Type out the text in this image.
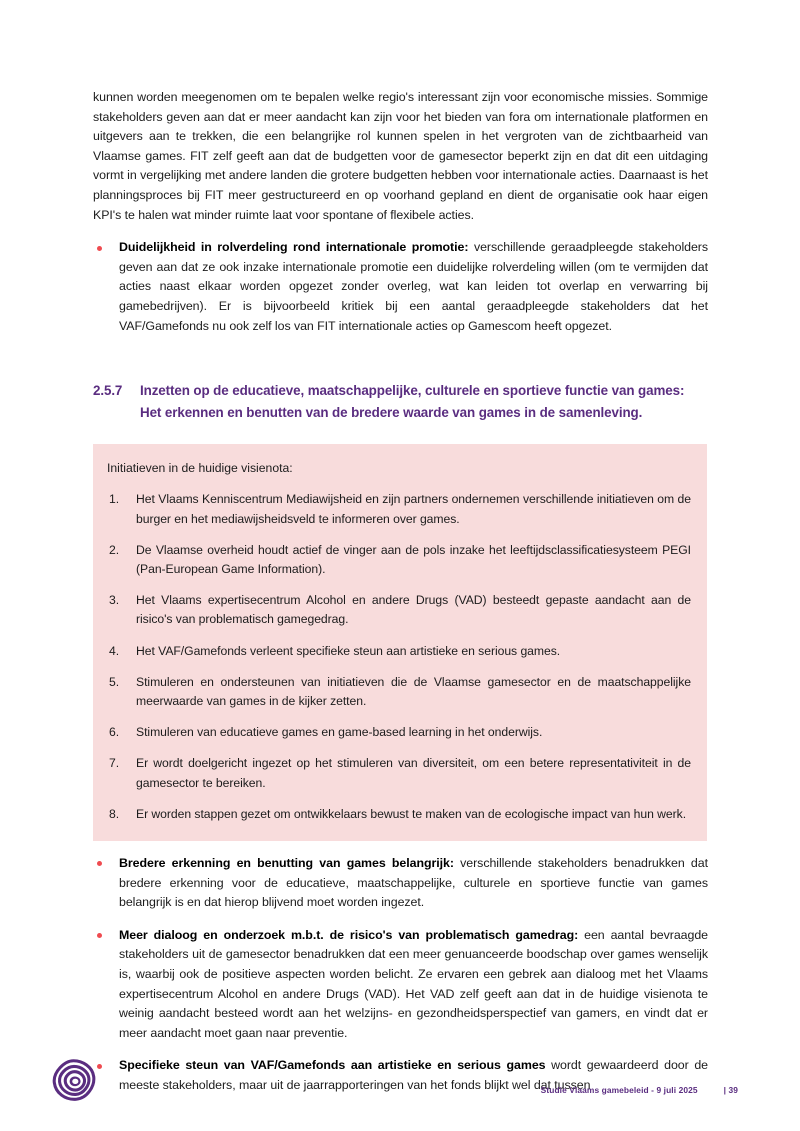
kunnen worden meegenomen om te bepalen welke regio's interessant zijn voor economische missies. Sommige stakeholders geven aan dat er meer aandacht kan zijn voor het bieden van fora om internationale platformen en uitgevers aan te trekken, die een belangrijke rol kunnen spelen in het vergroten van de zichtbaarheid van Vlaamse games. FIT zelf geeft aan dat de budgetten voor de gamesector beperkt zijn en dat dit een uitdaging vormt in vergelijking met andere landen die grotere budgetten hebben voor internationale acties. Daarnaast is het planningsproces bij FIT meer gestructureerd en op voorhand gepland en dient de organisatie ook haar eigen KPI's te halen wat minder ruimte laat voor spontane of flexibele acties.

Duidelijkheid in rolverdeling rond internationale promotie: verschillende geraadpleegde stakeholders geven aan dat ze ook inzake internationale promotie een duidelijke rolverdeling willen (om te vermijden dat acties naast elkaar worden opgezet zonder overleg, wat kan leiden tot overlap en verwarring bij gamebedrijven). Er is bijvoorbeeld kritiek bij een aantal geraadpleegde stakeholders dat het VAF/Gamefonds nu ook zelf los van FIT internationale acties op Gamescom heeft opgezet.
2.5.7	Inzetten op de educatieve, maatschappelijke, culturele en sportieve functie van games: Het erkennen en benutten van de bredere waarde van games in de samenleving.

Initiatieven in de huidige visienota:

Het Vlaams Kenniscentrum Mediawijsheid en zijn partners ondernemen verschillende initiatieven om de burger en het mediawijsheidsveld te informeren over games.
De Vlaamse overheid houdt actief de vinger aan de pols inzake het leeftijdsclassificatiesysteem PEGI (Pan-European Game Information).
Het Vlaams expertisecentrum Alcohol en andere Drugs (VAD) besteedt gepaste aandacht aan de risico's van problematisch gamegedrag.
Het VAF/Gamefonds verleent specifieke steun aan artistieke en serious games.
Stimuleren en ondersteunen van initiatieven die de Vlaamse gamesector en de maatschappelijke meerwaarde van games in de kijker zetten.
Stimuleren van educatieve games en game-based learning in het onderwijs.
Er wordt doelgericht ingezet op het stimuleren van diversiteit, om een betere representativiteit in de gamesector te bereiken.
Er worden stappen gezet om ontwikkelaars bewust te maken van de ecologische impact van hun werk.
Bredere erkenning en benutting van games belangrijk: verschillende stakeholders benadrukken dat bredere erkenning voor de educatieve, maatschappelijke, culturele en sportieve functie van games belangrijk is en dat hierop blijvend moet worden ingezet.
Meer dialoog en onderzoek m.b.t. de risico's van problematisch gamedrag: een aantal bevraagde stakeholders uit de gamesector benadrukken dat een meer genuanceerde boodschap over games wenselijk is, waarbij ook de positieve aspecten worden belicht. Ze ervaren een gebrek aan dialoog met het Vlaams expertisecentrum Alcohol en andere Drugs (VAD). Het VAD zelf geeft aan dat in de huidige visienota te weinig aandacht besteed wordt aan het welzijns- en gezondheidsperspectief van gamers, en vindt dat er meer aandacht moet gaan naar preventie.
Specifieke steun van VAF/Gamefonds aan artistieke en serious games wordt gewaardeerd door de meeste stakeholders, maar uit de jaarrapporteringen van het fonds blijkt wel dat tussen
Studie Vlaams gamebeleid - 9 juli 2025	| 39
